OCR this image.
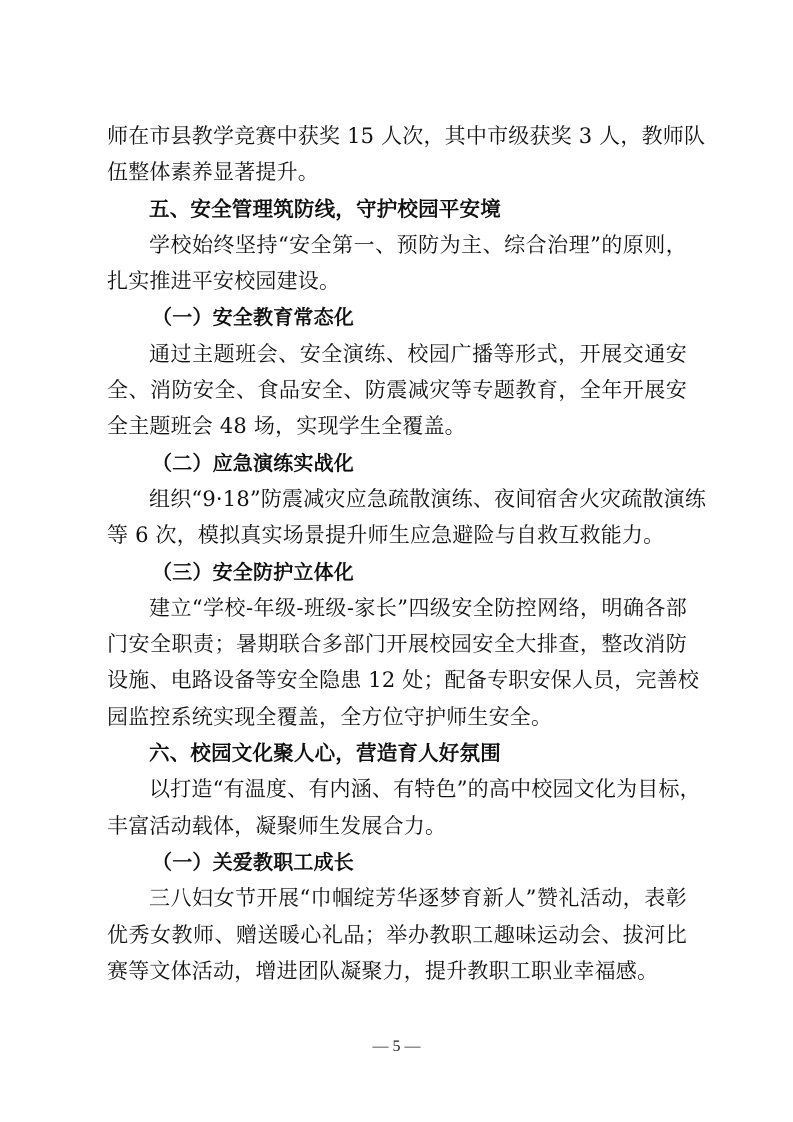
师在市县教学竞赛中获奖 15 人次，其中市级获奖 3 人，教师队
伍整体素养显著提升。
五、安全管理筑防线，守护校园平安境
学校始终坚持“安全第一、预防为主、综合治理”的原则，
扎实推进平安校园建设。
（一）安全教育常态化
通过主题班会、安全演练、校园广播等形式，开展交通安
全、消防安全、食品安全、防震减灾等专题教育，全年开展安
全主题班会 48 场，实现学生全覆盖。
（二）应急演练实战化
组织“9·18”防震减灾应急疏散演练、夜间宿舍火灾疏散演练
等 6 次，模拟真实场景提升师生应急避险与自救互救能力。
（三）安全防护立体化
建立“学校-年级-班级-家长”四级安全防控网络，明确各部
门安全职责；暑期联合多部门开展校园安全大排查，整改消防
设施、电路设备等安全隐患 12 处；配备专职安保人员，完善校
园监控系统实现全覆盖，全方位守护师生安全。
六、校园文化聚人心，营造育人好氛围
以打造“有温度、有内涵、有特色”的高中校园文化为目标，
丰富活动载体，凝聚师生发展合力。
（一）关爱教职工成长
三八妇女节开展“巾帼绽芳华逐梦育新人”赞礼活动，表彰
优秀女教师、赠送暖心礼品；举办教职工趣味运动会、拔河比
赛等文体活动，增进团队凝聚力，提升教职工职业幸福感。
— 5 —
